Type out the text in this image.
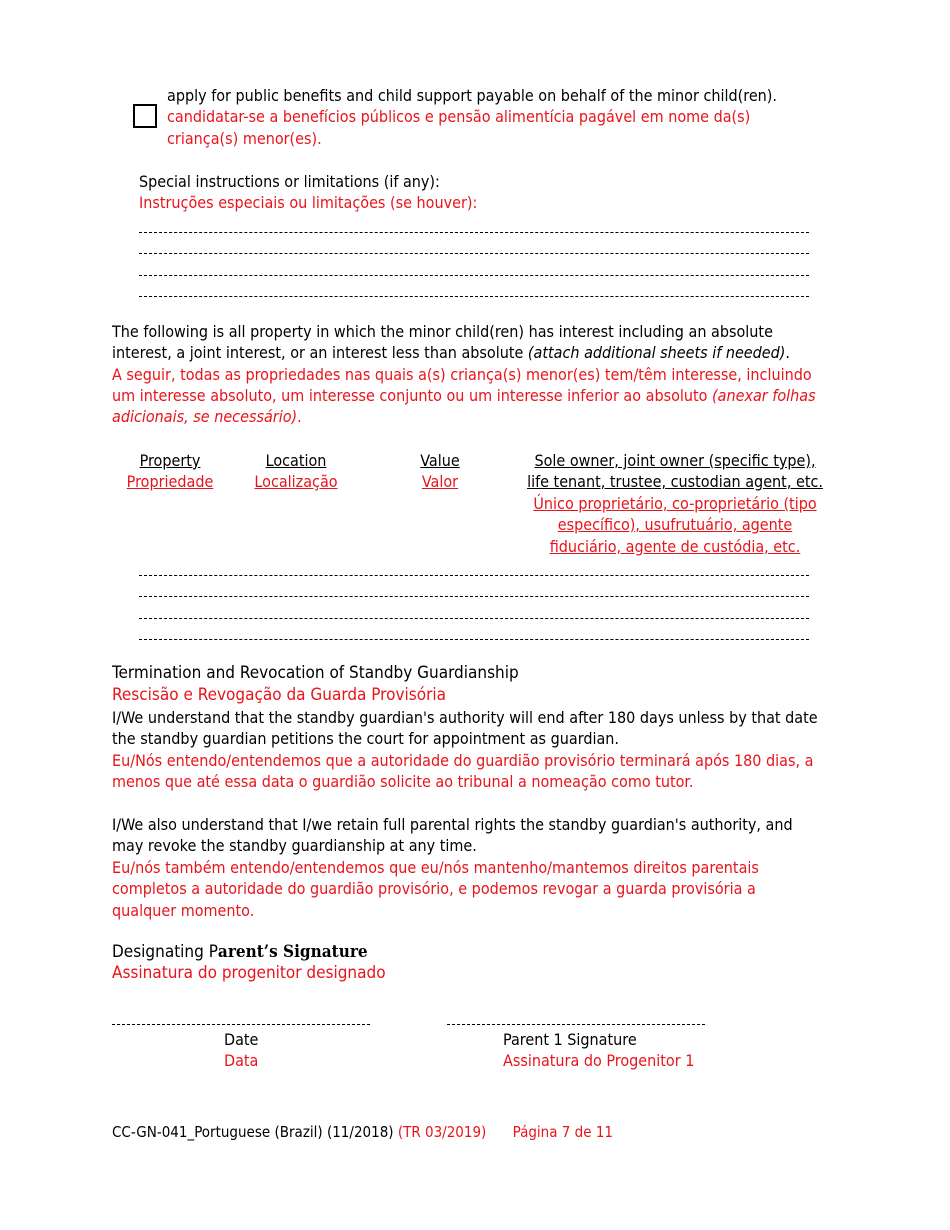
apply for public benefits and child support payable on behalf of the minor child(ren).
candidatar-se a benefícios públicos e pensão alimentícia pagável em nome da(s)
criança(s) menor(es).
Special instructions or limitations (if any):
Instruções especiais ou limitações (se houver):
The following is all property in which the minor child(ren) has interest including an absolute
interest, a joint interest, or an interest less than absolute (attach additional sheets if needed).
A seguir, todas as propriedades nas quais a(s) criança(s) menor(es) tem/têm interesse, incluindo
um interesse absoluto, um interesse conjunto ou um interesse inferior ao absoluto (anexar folhas
adicionais, se necessário).
Property
Propriedade
Location
Localização
Value
Valor
Sole owner, joint owner (specific type),
life tenant, trustee, custodian agent, etc.
Único proprietário, co-proprietário (tipo
específico), usufrutuário, agente
fiduciário, agente de custódia, etc.
Termination and Revocation of Standby Guardianship
Rescisão e Revogação da Guarda Provisória
I/We understand that the standby guardian's authority will end after 180 days unless by that date
the standby guardian petitions the court for appointment as guardian.
Eu/Nós entendo/entendemos que a autoridade do guardião provisório terminará após 180 dias, a
menos que até essa data o guardião solicite ao tribunal a nomeação como tutor.
I/We also understand that I/we retain full parental rights the standby guardian's authority, and
may revoke the standby guardianship at any time.
Eu/nós também entendo/entendemos que eu/nós mantenho/mantemos direitos parentais
completos a autoridade do guardião provisório, e podemos revogar a guarda provisória a
qualquer momento.
Designating Parent’s Signature
Assinatura do progenitor designado
Date
Data
Parent 1 Signature
Assinatura do Progenitor 1
CC-GN-041_Portuguese (Brazil) (11/2018) (TR 03/2019) Página 7 de 11
